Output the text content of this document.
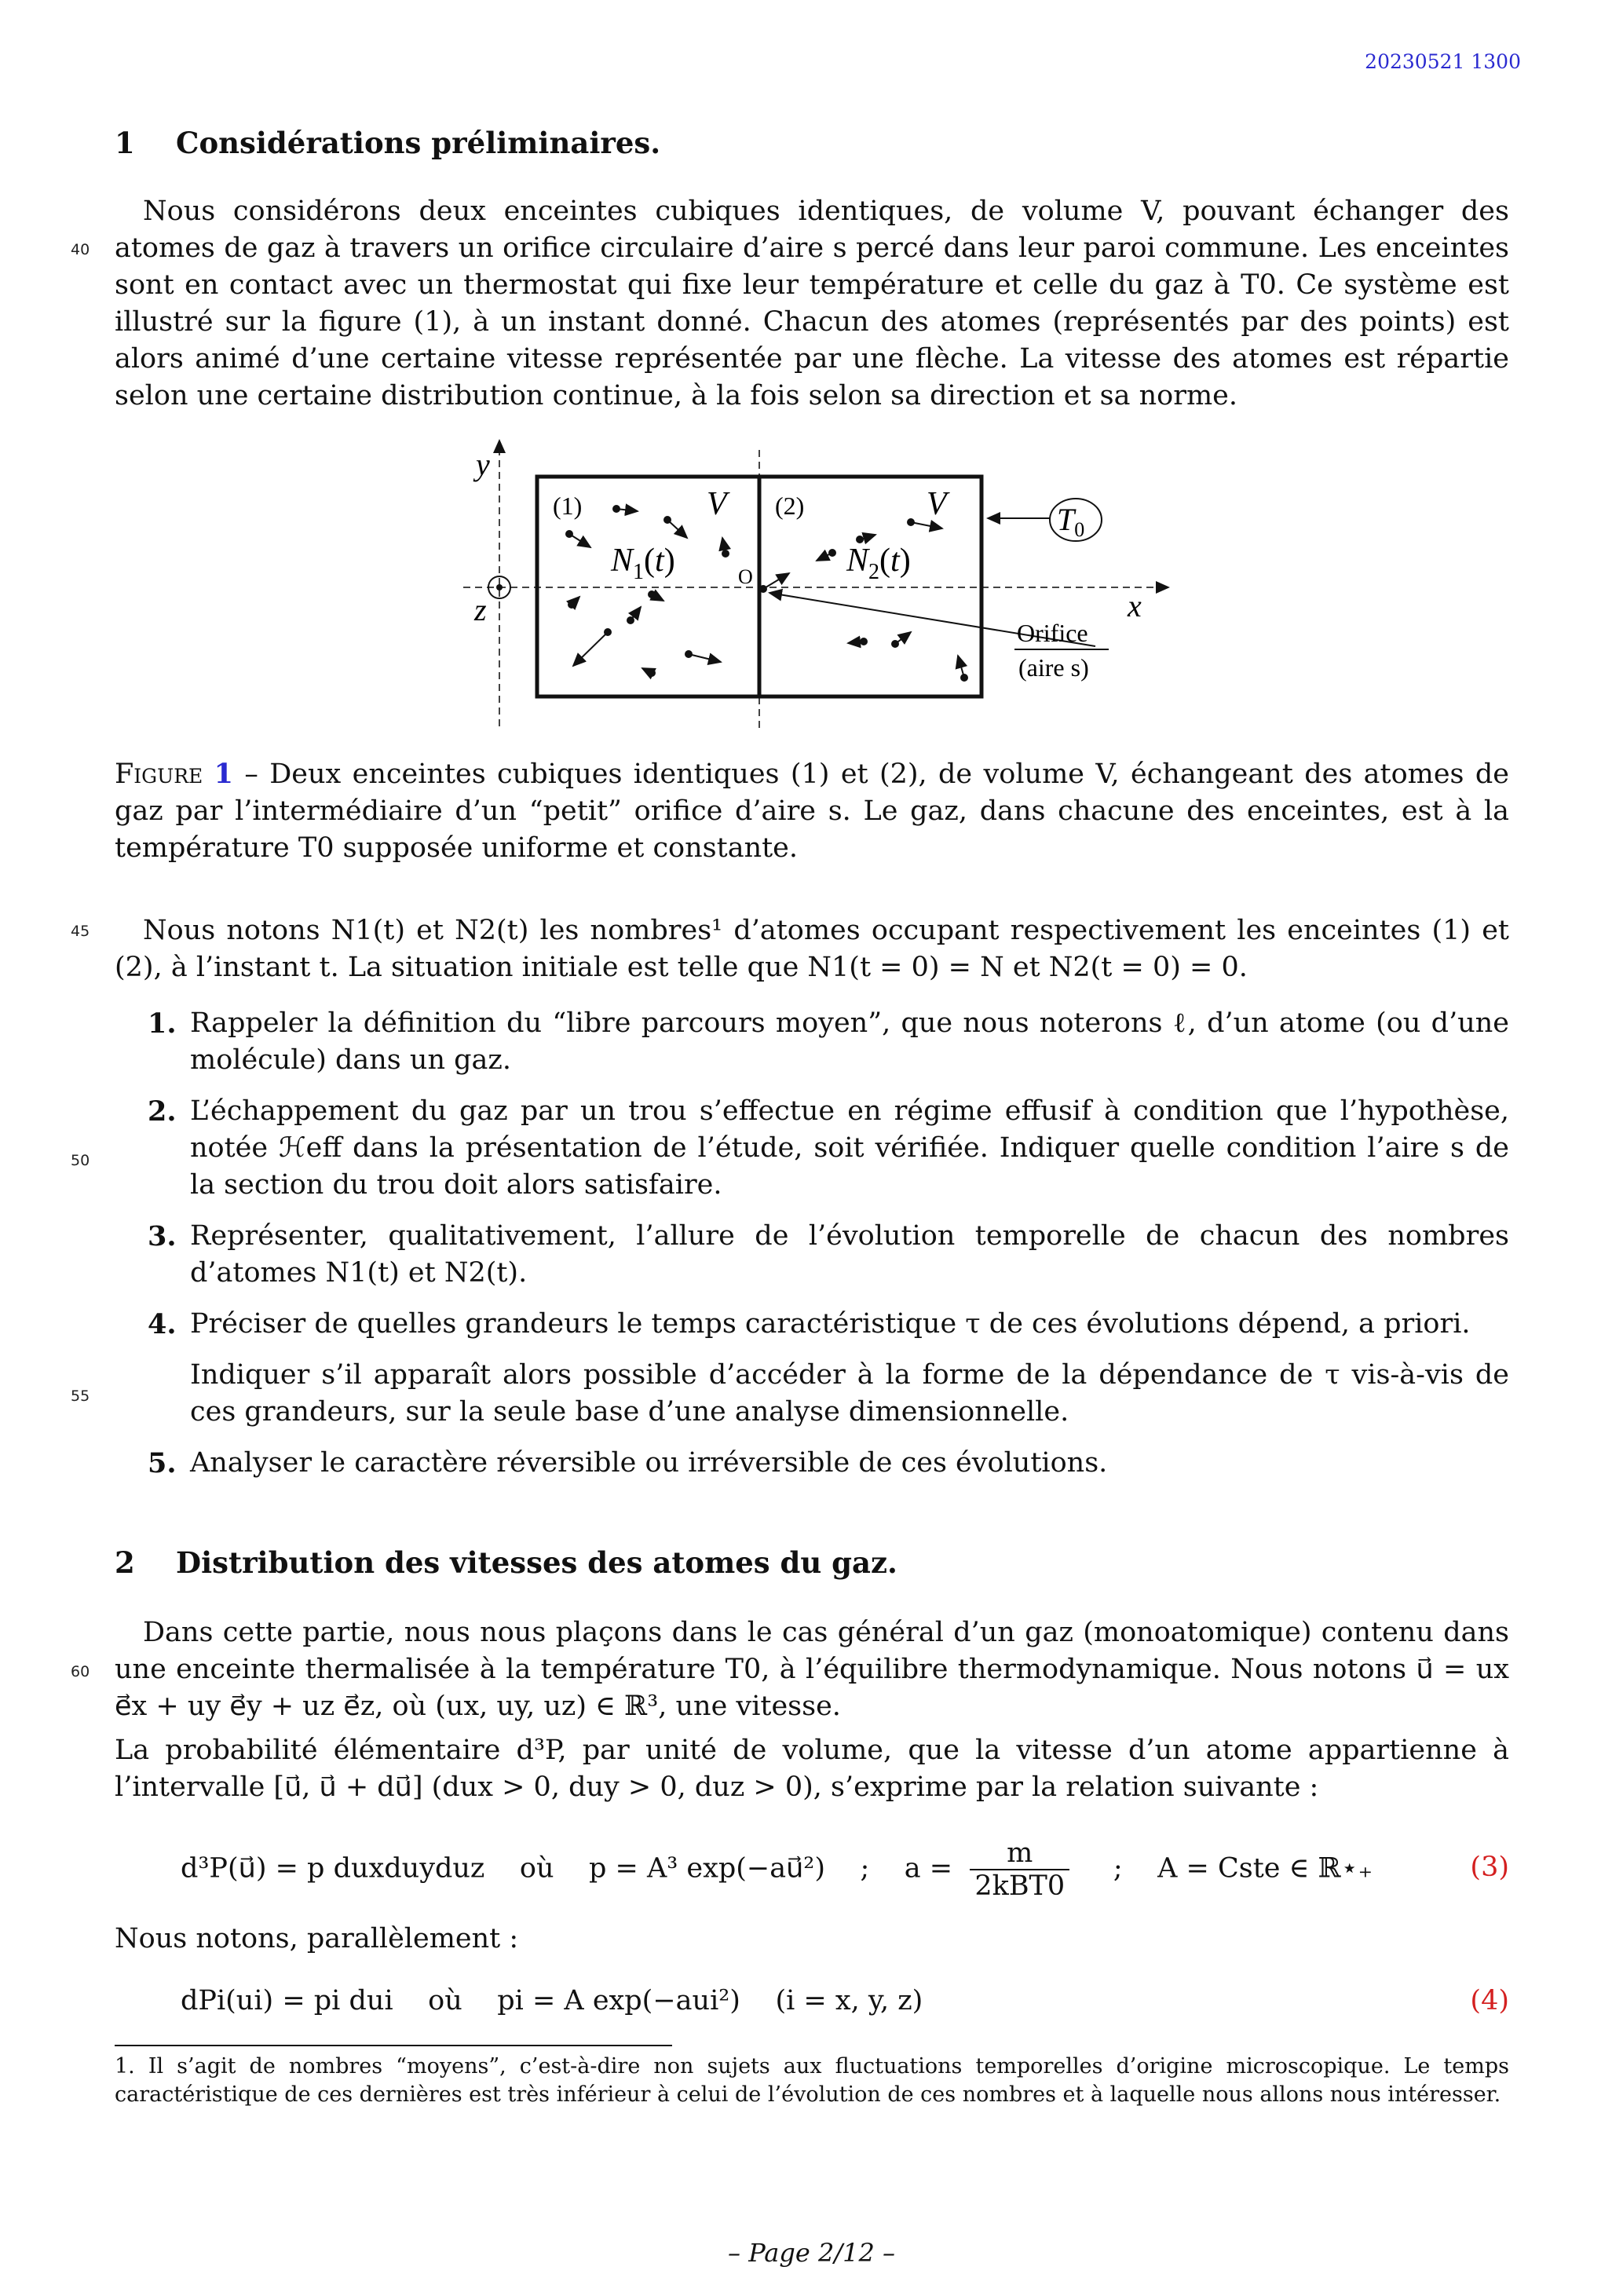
20230521 1300
1 Considérations préliminaires.
40
Nous considérons deux enceintes cubiques identiques, de volume V, pouvant échanger des atomes de gaz à travers un orifice circulaire d’aire s percé dans leur paroi commune. Les enceintes sont en contact avec un thermostat qui fixe leur température et celle du gaz à T0. Ce système est illustré sur la figure (1), à un instant donné. Chacun des atomes (représentés par des points) est alors animé d’une certaine vitesse représentée par une flèche. La vitesse des atomes est répartie selon une certaine distribution continue, à la fois selon sa direction et sa norme.
y
z	x
(1)	(2)
V	V
$N_1(t)$	$N_2(t)$
O
$T_0$
Orifice
(aire s)
Figure 1 – Deux enceintes cubiques identiques (1) et (2), de volume V, échangeant des atomes de gaz par l’intermédiaire d’un “petit” orifice d’aire s. Le gaz, dans chacune des enceintes, est à la température T0 supposée uniforme et constante.
45	Nous notons N1(t) et N2(t) les nombres¹ d’atomes occupant respectivement les enceintes (1) et (2), à l’instant t. La situation initiale est telle que N1(t = 0) = N et N2(t = 0) = 0.
1. Rappeler la définition du “libre parcours moyen”, que nous noterons ℓ, d’un atome (ou d’une molécule) dans un gaz.
2. L’échappement du gaz par un trou s’effectue en régime effusif à condition que l’hypothèse, notée ℋeff dans la présentation de l’étude, soit vérifiée. Indiquer quelle condition l’aire s de la section du trou doit alors satisfaire.
3. Représenter, qualitativement, l’allure de l’évolution temporelle de chacun des nombres d’atomes N1(t) et N2(t).
4. Préciser de quelles grandeurs le temps caractéristique τ de ces évolutions dépend, a priori.
Indiquer s’il apparaît alors possible d’accéder à la forme de la dépendance de τ vis-à-vis de ces grandeurs, sur la seule base d’une analyse dimensionnelle.
5. Analyser le caractère réversible ou irréversible de ces évolutions.
50
55
2 Distribution des vitesses des atomes du gaz.
60
Dans cette partie, nous nous plaçons dans le cas général d’un gaz (monoatomique) contenu dans une enceinte thermalisée à la température T0, à l’équilibre thermodynamique. Nous notons u⃗ = ux e⃗x + uy e⃗y + uz e⃗z, où (ux, uy, uz) ∈ ℝ³, une vitesse.
La probabilité élémentaire d³P, par unité de volume, que la vitesse d’un atome appartienne à l’intervalle [u⃗, u⃗ + du⃗] (dux > 0, duy > 0, duz > 0), s’exprime par la relation suivante :
d³P(u⃗) = p duxduyduz    où    p = A³ exp(−au⃗²)    ;    $a = \frac{m}{\text{2kBT0}}$ ;    A = Cste ∈ ℝ⋆₊	(3)
Nous notons, parallèlement :
dPi(ui) = pi dui    où    pi = A exp(−aui²)    (i = x, y, z)	(4)
1. Il s’agit de nombres “moyens”, c’est-à-dire non sujets aux fluctuations temporelles d’origine microscopique. Le temps caractéristique de ces dernières est très inférieur à celui de l’évolution de ces nombres et à laquelle nous allons nous intéresser.
– Page 2/12 –
